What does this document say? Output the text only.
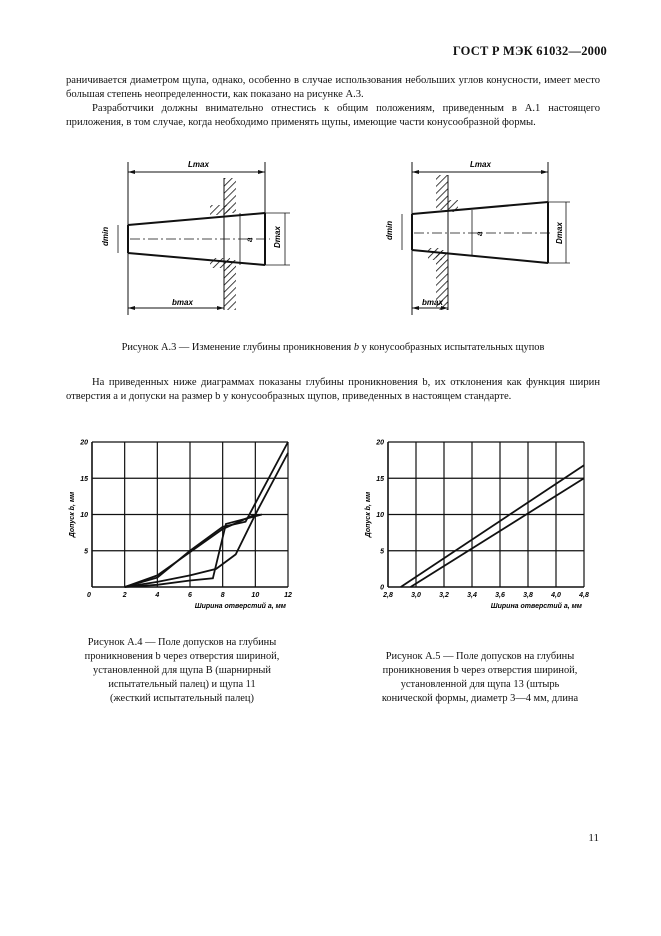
ГОСТ Р МЭК 61032—2000

раничивается диаметром щупа, однако, особенно в случае использования небольших углов конусности, имеет место большая степень неопределенности, как показано на рисунке А.3.

Разработчики должны внимательно отнестись к общим положениям, приведенным в А.1 настоящего приложения, в том случае, когда необходимо применять щупы, имеющие части конусообразной формы.

Lmax
dmin	a Dmax
bmax
Lmax
dmin	a	Dmax
bmax
Рисунок А.3 — Изменение глубины проникновения b у конусообразных испытательных щупов
На приведенных ниже диаграммах показаны глубины проникновения b, их отклонения как функция ширин отверстия a и допуски на размер b у конусообразных щупов, приведенных в настоящем стандарте.
2	4	6	8	10	12
0
5
10
15
20
Ширина отверстий a, мм
Допуск b, мм
2,8	3,0	3,2	3,4	3,6	3,8	4,0	4,8
0
5
10
15
20
Ширина отверстий a, мм
Допуск b, мм
Рисунок А.4 — Поле допусков на глубины
проникновения b через отверстия шириной,
установленной для щупа B (шарнирный
испытательный палец) и щупа 11
(жесткий испытательный палец)
Рисунок А.5 — Поле допусков на глубины
проникновения b через отверстия шириной,
установленной для щупа 13 (штырь
конической формы, диаметр 3—4 мм, длина
11
